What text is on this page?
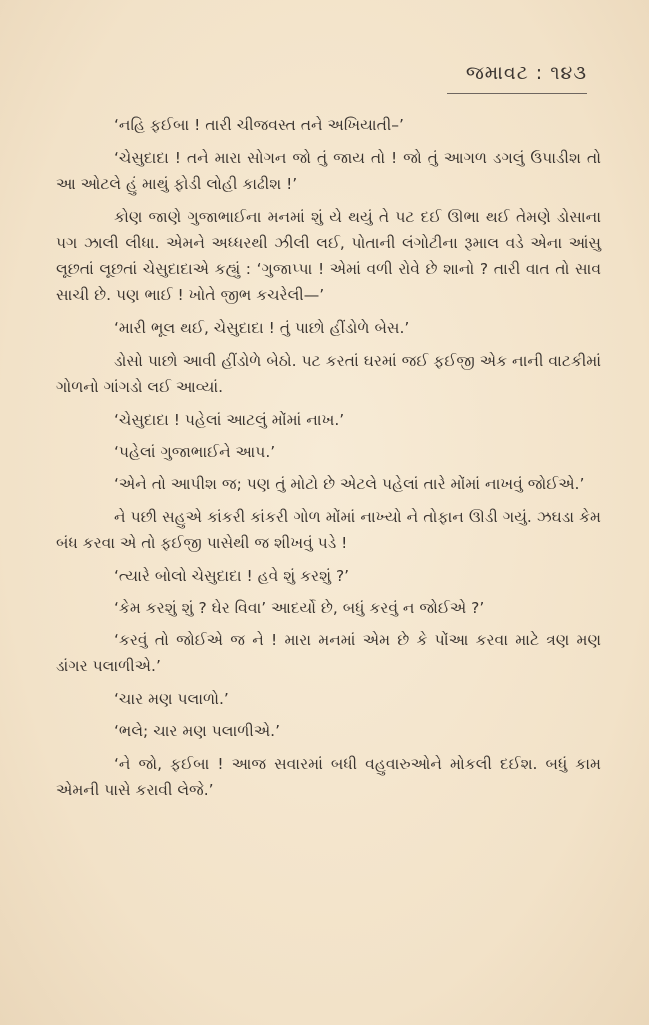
જમાવટ : ૧૪૩

‘નહિ ફઈબા ! તારી ચીજવસ્ત તને અખિયાતી–’

‘ચેસુદાદા ! તને મારા સોગન જો તું જાય તો ! જો તું આગળ ડગલું ઉપાડીશ તો આ ઓટલે હું માથું ફોડી લોહી કાઢીશ !’

કોણ જાણે ગુજાભાઈના મનમાં શું યે થયું તે પટ દઈ ઊભા થઈ તેમણે ડોસાના પગ ઝાલી લીધા. એમને અધ્ધરથી ઝીલી લઈ, પોતાની લંગોટીના રૂમાલ વડે એના આંસુ લૂછતાં લૂછતાં ચેસુદાદાએ કહ્યું : ‘ગુજાપ્પા ! એમાં વળી રોવે છે શાનો ? તારી વાત તો સાવ સાચી છે. પણ ભાઈ ! ખોતે જીભ કચરેલી—’

‘મારી ભૂલ થઈ, ચેસુદાદા ! તું પાછો હીંડોળે બેસ.’

ડોસો પાછો આવી હીંડોળે બેઠો. પટ કરતાં ઘરમાં જઈ ફઈજી એક નાની વાટકીમાં ગોળનો ગાંગડો લઈ આવ્યાં.

‘ચેસુદાદા ! પહેલાં આટલું મોંમાં નાખ.’

‘પહેલાં ગુજાભાઈને આપ.’

‘એને તો આપીશ જ; પણ તું મોટો છે એટલે પહેલાં તારે મોંમાં નાખવું જોઈએ.’

ને પછી સહુએ કાંકરી કાંકરી ગોળ મોંમાં નાખ્યો ને તોફાન ઊડી ગયું. ઝઘડા કેમ બંધ કરવા એ તો ફઈજી પાસેથી જ શીખવું પડે !

‘ત્યારે બોલો ચેસુદાદા ! હવે શું કરશું ?’

‘કેમ કરશું શું ? ઘેર વિવા’ આદર્યો છે, બધું કરવું ન જોઈએ ?’

‘કરવું તો જોઈએ જ ને ! મારા મનમાં એમ છે કે પોંઆ કરવા માટે ત્રણ મણ ડાંગર પલાળીએ.’

‘ચાર મણ પલાળો.’

‘ભલે; ચાર મણ પલાળીએ.’

‘ને જો, ફઈબા ! આજ સવારમાં બધી વહુવારુઓને મોકલી દઈશ. બધું કામ એમની પાસે કરાવી લેજે.’
